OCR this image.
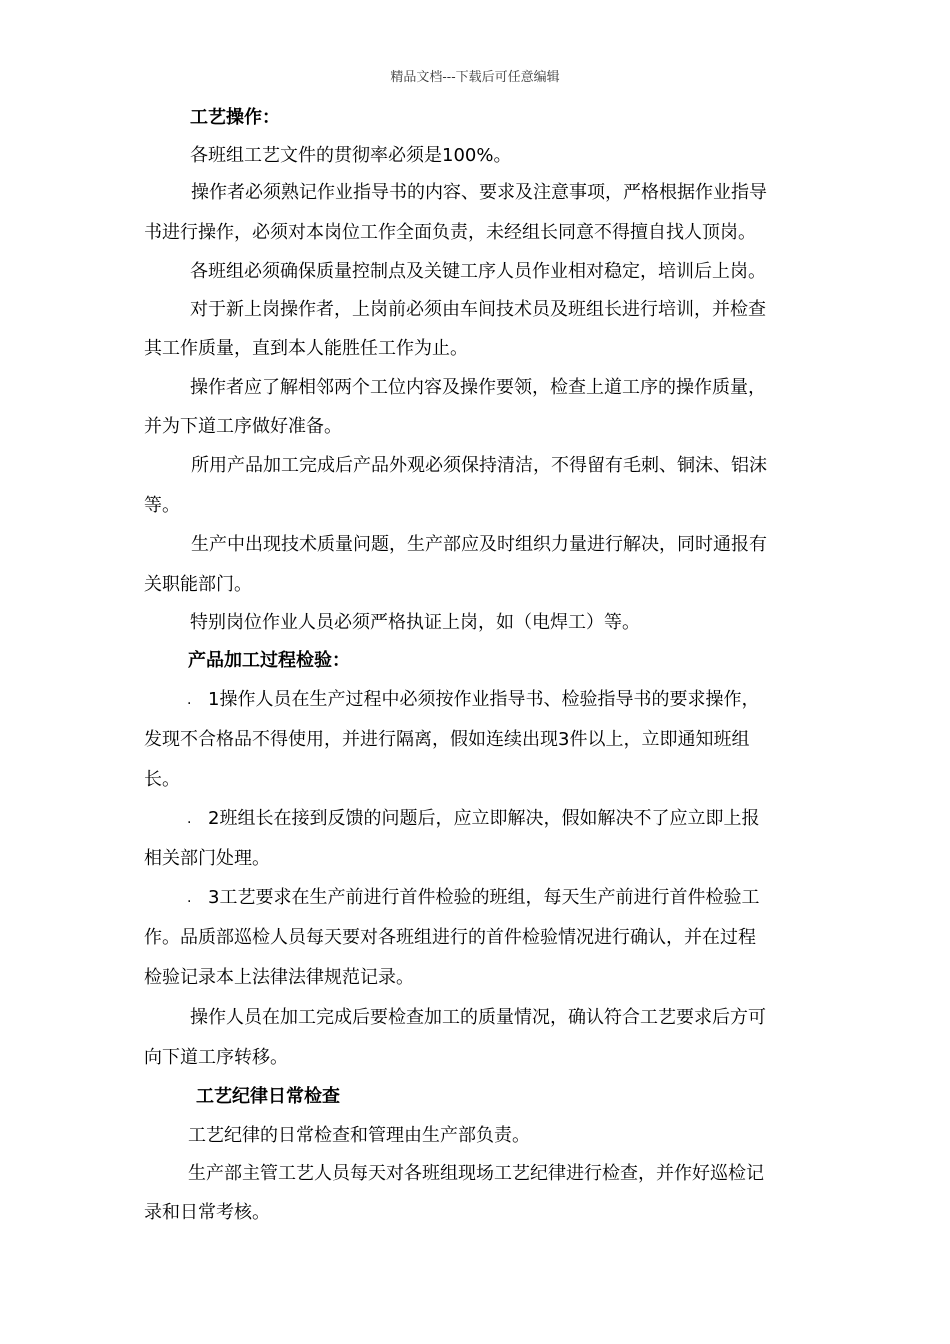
精品文档---下载后可任意编辑
工艺操作：
各班组工艺文件的贯彻率必须是100%。
操作者必须熟记作业指导书的内容、要求及注意事项，严格根据作业指导
书进行操作，必须对本岗位工作全面负责，未经组长同意不得擅自找人顶岗。
各班组必须确保质量控制点及关键工序人员作业相对稳定，培训后上岗。
对于新上岗操作者，上岗前必须由车间技术员及班组长进行培训，并检查
其工作质量，直到本人能胜任工作为止。
操作者应了解相邻两个工位内容及操作要领，检查上道工序的操作质量，
并为下道工序做好准备。
所用产品加工完成后产品外观必须保持清洁，不得留有毛刺、铜沫、铝沫
等。
生产中出现技术质量问题，生产部应及时组织力量进行解决，同时通报有
关职能部门。
特别岗位作业人员必须严格执证上岗，如（电焊工）等。
产品加工过程检验：
. 1操作人员在生产过程中必须按作业指导书、检验指导书的要求操作，
发现不合格品不得使用，并进行隔离，假如连续出现3件以上，立即通知班组
长。
. 2班组长在接到反馈的问题后，应立即解决，假如解决不了应立即上报
相关部门处理。
. 3工艺要求在生产前进行首件检验的班组，每天生产前进行首件检验工
作。品质部巡检人员每天要对各班组进行的首件检验情况进行确认，并在过程
检验记录本上法律法律规范记录。
操作人员在加工完成后要检查加工的质量情况，确认符合工艺要求后方可
向下道工序转移。
工艺纪律日常检查
工艺纪律的日常检查和管理由生产部负责。
生产部主管工艺人员每天对各班组现场工艺纪律进行检查，并作好巡检记
录和日常考核。
